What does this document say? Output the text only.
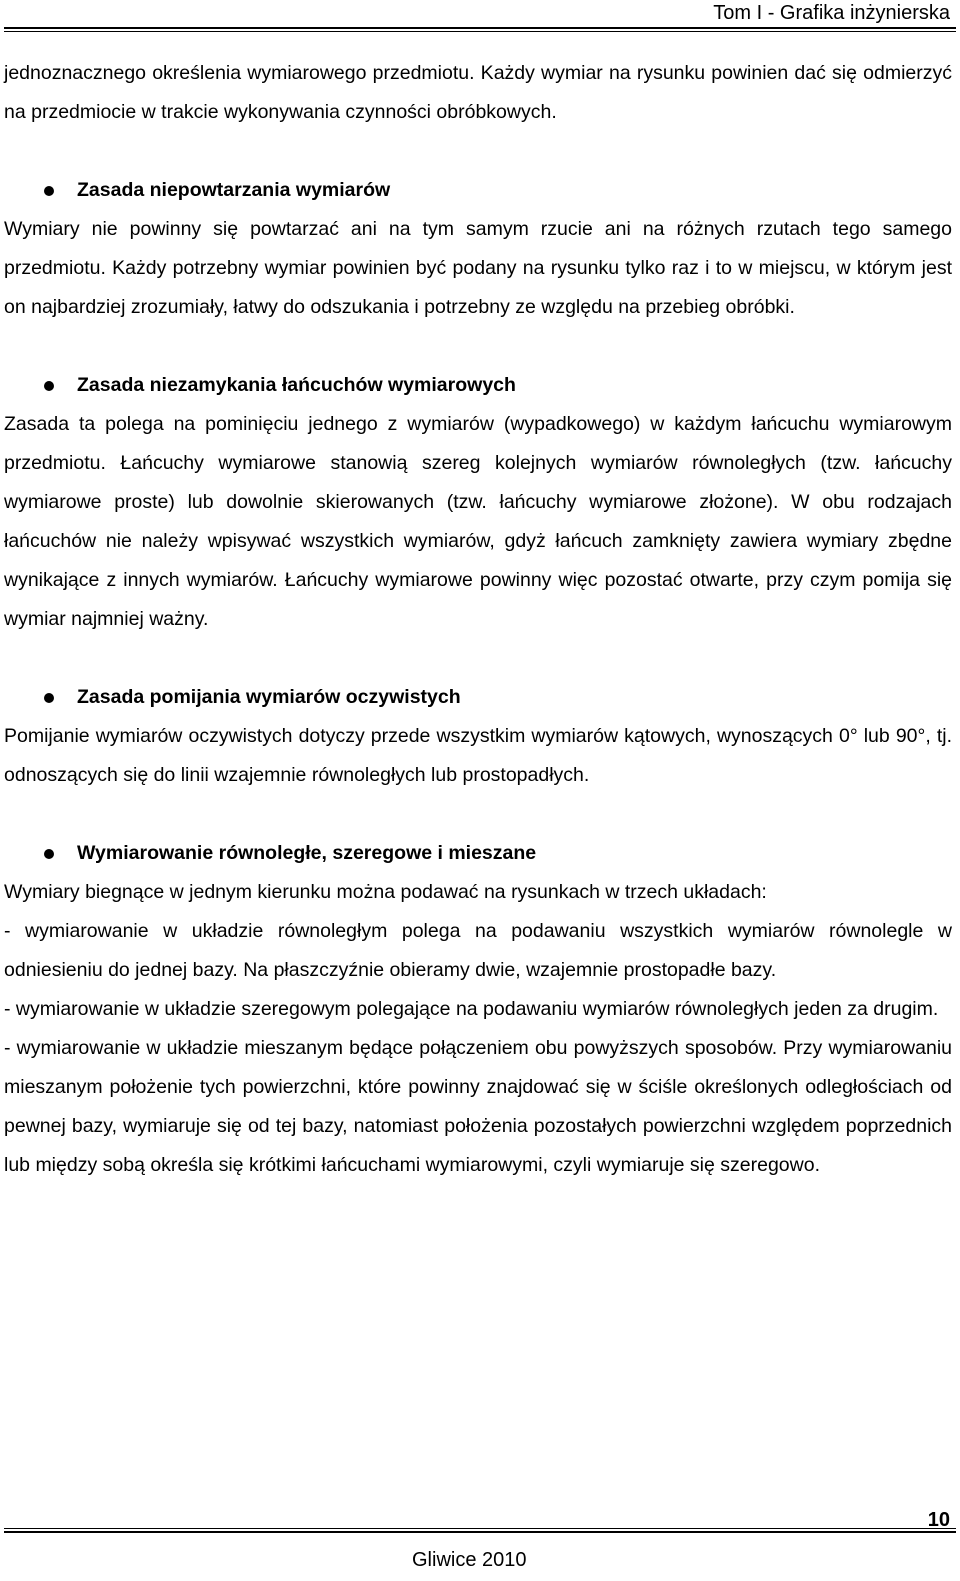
Tom I - Grafika inżynierska

jednoznacznego określenia wymiarowego przedmiotu. Każdy wymiar na rysunku powinien dać się odmierzyć na przedmiocie w trakcie wykonywania czynności obróbkowych.

Zasada niepowtarzania wymiarów

Wymiary nie powinny się powtarzać ani na tym samym rzucie ani na różnych rzutach tego samego przedmiotu. Każdy potrzebny wymiar powinien być podany na rysunku tylko raz i to w miejscu, w którym jest on najbardziej zrozumiały, łatwy do odszukania i potrzebny ze względu na przebieg obróbki.

Zasada niezamykania łańcuchów wymiarowych

Zasada ta polega na pominięciu jednego z wymiarów (wypadkowego) w każdym łańcuchu wymiarowym przedmiotu. Łańcuchy wymiarowe stanowią szereg kolejnych wymiarów równoległych (tzw. łańcuchy wymiarowe proste) lub dowolnie skierowanych (tzw. łańcuchy wymiarowe złożone). W obu rodzajach łańcuchów nie należy wpisywać wszystkich wymiarów, gdyż łańcuch zamknięty zawiera wymiary zbędne wynikające z innych wymiarów. Łańcuchy wymiarowe powinny więc pozostać otwarte, przy czym pomija się wymiar najmniej ważny.

Zasada pomijania wymiarów oczywistych

Pomijanie wymiarów oczywistych dotyczy przede wszystkim wymiarów kątowych, wynoszących 0° lub 90°, tj. odnoszących się do linii wzajemnie równoległych lub prostopadłych.

Wymiarowanie równoległe, szeregowe i mieszane

Wymiary biegnące w jednym kierunku można podawać na rysunkach w trzech układach:

- wymiarowanie w układzie równoległym polega na podawaniu wszystkich wymiarów równolegle w odniesieniu do jednej bazy. Na płaszczyźnie obieramy dwie, wzajemnie prostopadłe bazy.

- wymiarowanie w układzie szeregowym polegające na podawaniu wymiarów równoległych jeden za drugim.

- wymiarowanie w układzie mieszanym będące połączeniem obu powyższych sposobów. Przy wymiarowaniu mieszanym położenie tych powierzchni, które powinny znajdować się w ściśle określonych odległościach od pewnej bazy, wymiaruje się od tej bazy, natomiast położenia pozostałych powierzchni względem poprzednich lub między sobą określa się krótkimi łańcuchami wymiarowymi, czyli wymiaruje się szeregowo.

10
Gliwice 2010
